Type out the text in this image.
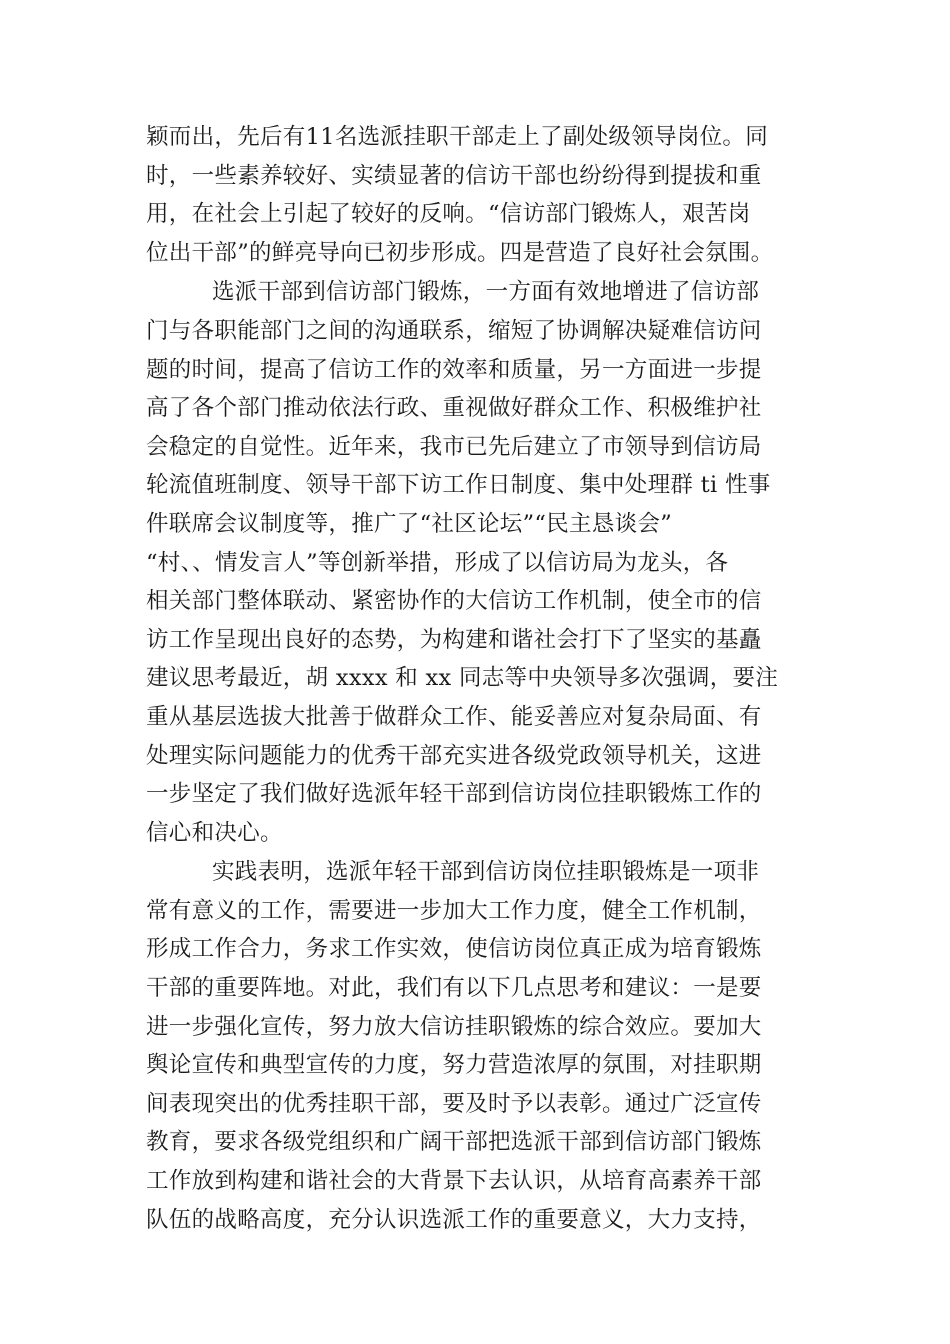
颖而出，先后有11名选派挂职干部走上了副处级领导岗位。同
时，一些素养较好、实绩显著的信访干部也纷纷得到提拔和重
用，在社会上引起了较好的反响。“信访部门锻炼人，艰苦岗
位出干部”的鲜亮导向已初步形成。四是营造了良好社会氛围。
选派干部到信访部门锻炼，一方面有效地增进了信访部
门与各职能部门之间的沟通联系，缩短了协调解决疑难信访问
题的时间，提高了信访工作的效率和质量，另一方面进一步提
高了各个部门推动依法行政、重视做好群众工作、积极维护社
会稳定的自觉性。近年来，我市已先后建立了市领导到信访局
轮流值班制度、领导干部下访工作日制度、集中处理群 ti 性事
件联席会议制度等，推广了“社区论坛”“民主恳谈会”
“村、、情发言人”等创新举措，形成了以信访局为龙头，各
相关部门整体联动、紧密协作的大信访工作机制，使全市的信
访工作呈现出良好的态势，为构建和谐社会打下了坚实的基矗
建议思考最近，胡 xxxx 和 xx 同志等中央领导多次强调，要注
重从基层选拔大批善于做群众工作、能妥善应对复杂局面、有
处理实际问题能力的优秀干部充实进各级党政领导机关，这进
一步坚定了我们做好选派年轻干部到信访岗位挂职锻炼工作的
信心和决心。
实践表明，选派年轻干部到信访岗位挂职锻炼是一项非
常有意义的工作，需要进一步加大工作力度，健全工作机制，
形成工作合力，务求工作实效，使信访岗位真正成为培育锻炼
干部的重要阵地。对此，我们有以下几点思考和建议：一是要
进一步强化宣传，努力放大信访挂职锻炼的综合效应。要加大
舆论宣传和典型宣传的力度，努力营造浓厚的氛围，对挂职期
间表现突出的优秀挂职干部，要及时予以表彰。通过广泛宣传
教育，要求各级党组织和广阔干部把选派干部到信访部门锻炼
工作放到构建和谐社会的大背景下去认识，从培育高素养干部
队伍的战略高度，充分认识选派工作的重要意义，大力支持，
